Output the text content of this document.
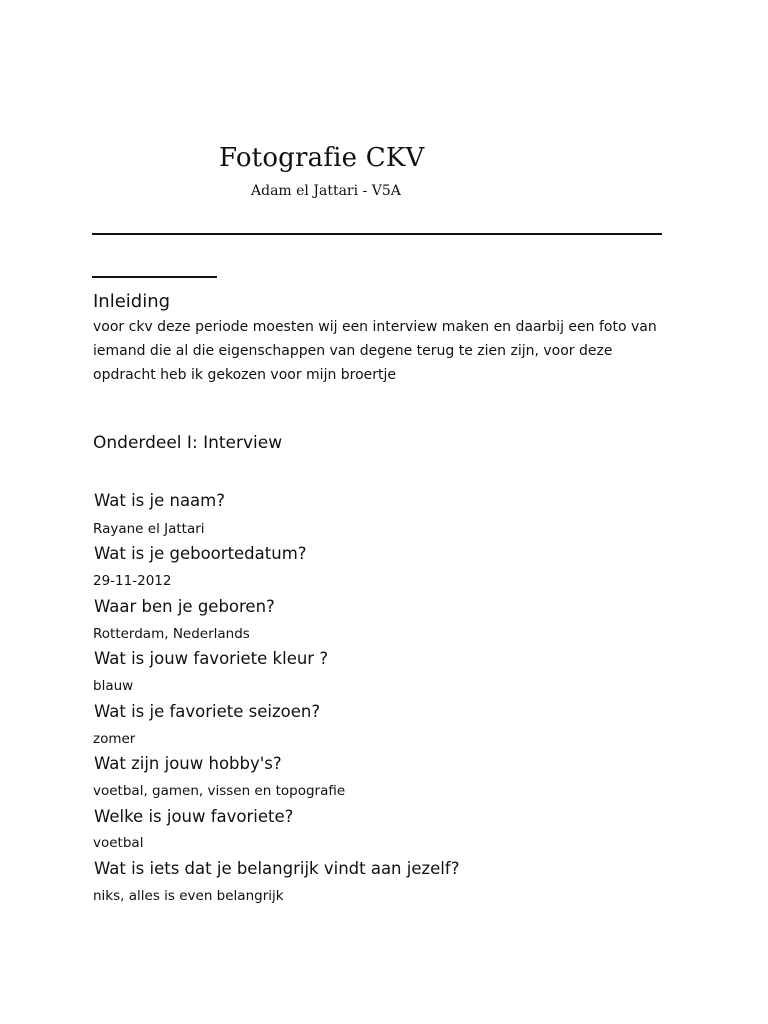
Fotografie CKV
Adam el Jattari - V5A
Inleiding
voor ckv deze periode moesten wij een interview maken en daarbij een foto van
iemand die al die eigenschappen van degene terug te zien zijn, voor deze
opdracht heb ik gekozen voor mijn broertje
Onderdeel I: Interview
Wat is je naam?
Rayane el Jattari
Wat is je geboortedatum?
29-11-2012
Waar ben je geboren?
Rotterdam, Nederlands
Wat is jouw favoriete kleur ?
blauw
Wat is je favoriete seizoen?
zomer
Wat zijn jouw hobby's?
voetbal, gamen, vissen en topografie
Welke is jouw favoriete?
voetbal
Wat is iets dat je belangrijk vindt aan jezelf?
niks, alles is even belangrijk
